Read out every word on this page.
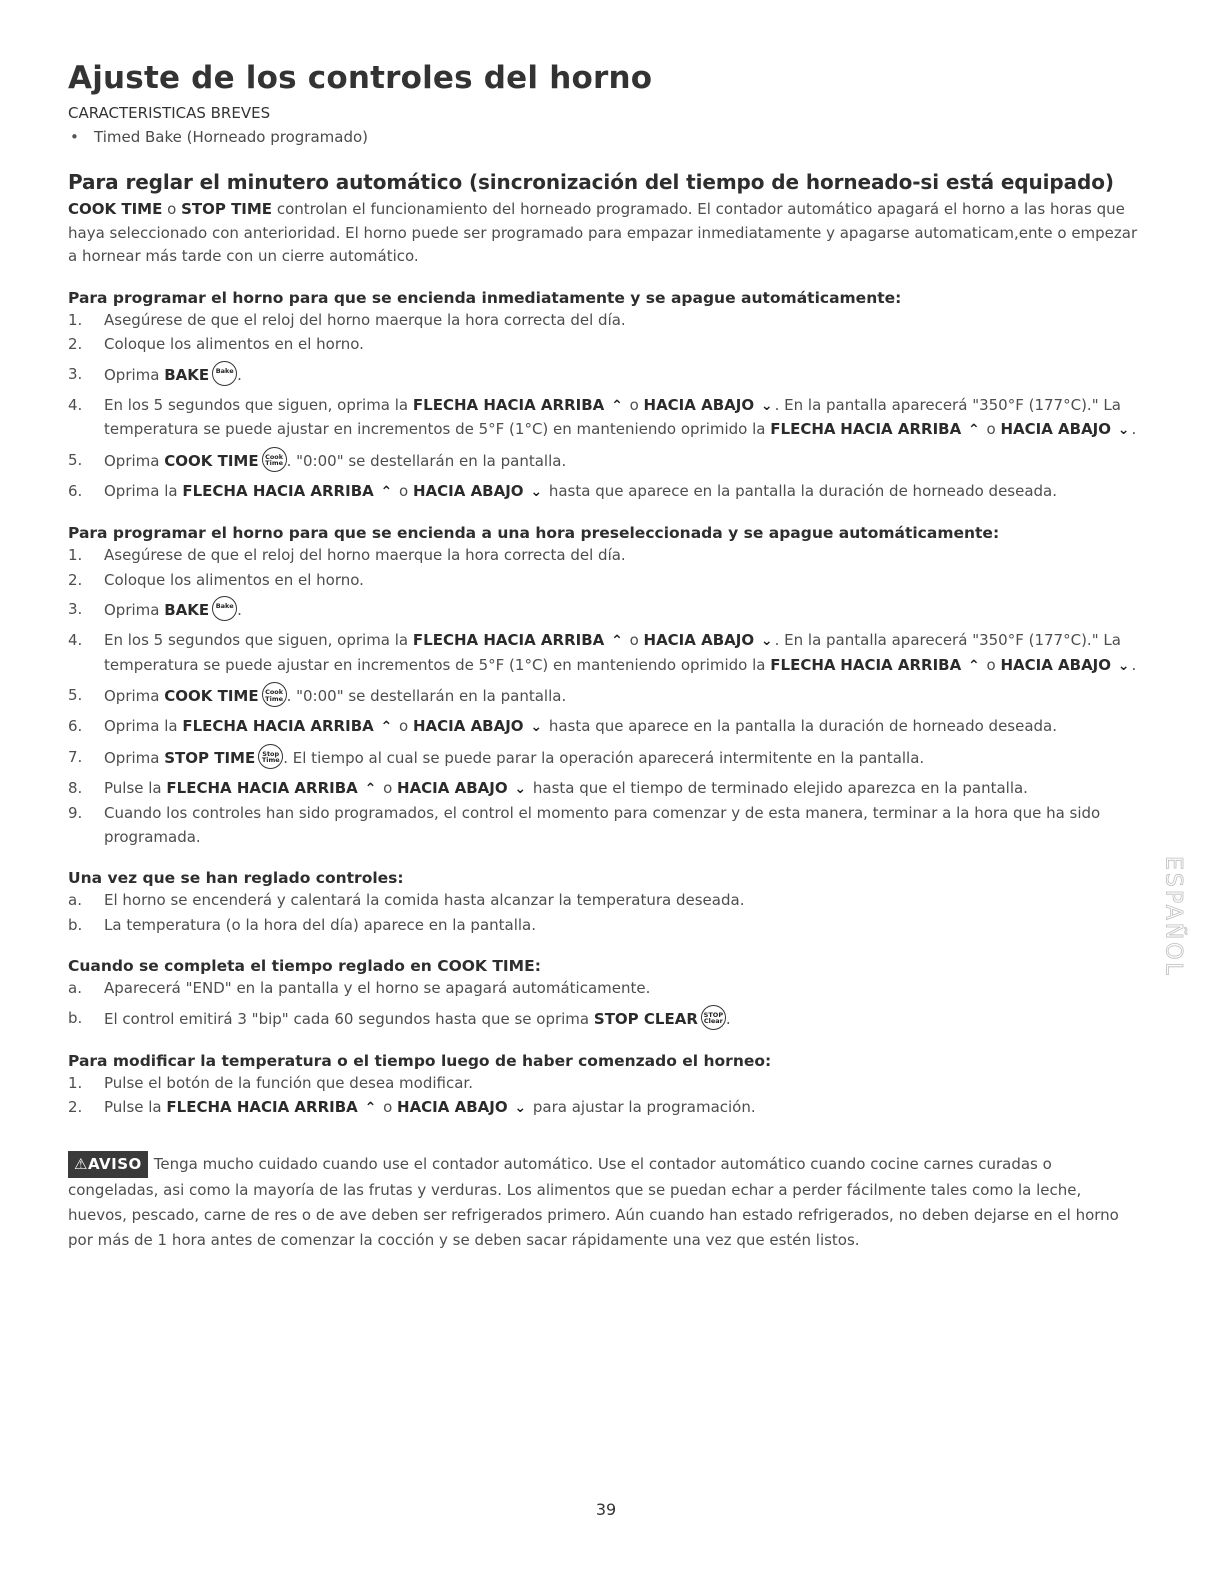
Ajuste de los controles del horno
CARACTERISTICAS BREVES
• Timed Bake (Horneado programado)
Para reglar el minutero automático (sincronización del tiempo de horneado-si está equipado)

COOK TIME o STOP TIME controlan el funcionamiento del horneado programado. El contador automático apagará el horno a las horas que haya seleccionado con anterioridad. El horno puede ser programado para empazar inmediatamente y apagarse automaticam,ente o empezar a hornear más tarde con un cierre automático.

Para programar el horno para que se encienda inmediatamente y se apague automáticamente:
1. Asegúrese de que el reloj del horno maerque la hora correcta del día.
2. Coloque los alimentos en el horno.
3. Oprima BAKE Bake .
4. En los 5 segundos que siguen, oprima la FLECHA HACIA ARRIBA ⌃ o HACIA ABAJO ⌄ . En la pantalla aparecerá "350°F (177°C)." La temperatura se puede ajustar en incrementos de 5°F (1°C) en manteniendo oprimido la FLECHA HACIA ARRIBA ⌃ o HACIA ABAJO ⌄ .
5. Oprima COOK TIME Cook Time . "0:00" se destellarán en la pantalla.
6. Oprima la FLECHA HACIA ARRIBA ⌃ o HACIA ABAJO ⌄ hasta que aparece en la pantalla la duración de horneado deseada.
Para programar el horno para que se encienda a una hora preseleccionada y se apague automáticamente:
1. Asegúrese de que el reloj del horno maerque la hora correcta del día.
2. Coloque los alimentos en el horno.
3. Oprima BAKE Bake .
4. En los 5 segundos que siguen, oprima la FLECHA HACIA ARRIBA ⌃ o HACIA ABAJO ⌄ . En la pantalla aparecerá "350°F (177°C)." La temperatura se puede ajustar en incrementos de 5°F (1°C) en manteniendo oprimido la FLECHA HACIA ARRIBA ⌃ o HACIA ABAJO ⌄ .
5. Oprima COOK TIME Cook Time . "0:00" se destellarán en la pantalla.
6. Oprima la FLECHA HACIA ARRIBA ⌃ o HACIA ABAJO ⌄ hasta que aparece en la pantalla la duración de horneado deseada.
7. Oprima STOP TIME Stop Time . El tiempo al cual se puede parar la operación aparecerá intermitente en la pantalla.
8. Pulse la FLECHA HACIA ARRIBA ⌃ o HACIA ABAJO ⌄ hasta que el tiempo de terminado elejido aparezca en la pantalla.
9. Cuando los controles han sido programados, el control el momento para comenzar y de esta manera, terminar a la hora que ha sido programada.
Una vez que se han reglado controles:
a. El horno se encenderá y calentará la comida hasta alcanzar la temperatura deseada.
b. La temperatura (o la hora del día) aparece en la pantalla.
Cuando se completa el tiempo reglado en COOK TIME:
a. Aparecerá "END" en la pantalla y el horno se apagará automáticamente.
b. El control emitirá 3 "bip" cada 60 segundos hasta que se oprima STOP CLEAR STOP Clear .
Para modificar la temperatura o el tiempo luego de haber comenzado el horneo:
1. Pulse el botón de la función que desea modificar.
2. Pulse la FLECHA HACIA ARRIBA ⌃ o HACIA ABAJO ⌄ para ajustar la programación.

⚠AVISO Tenga mucho cuidado cuando use el contador automático. Use el contador automático cuando cocine carnes curadas o congeladas, asi como la mayoría de las frutas y verduras. Los alimentos que se puedan echar a perder fácilmente tales como la leche, huevos, pescado, carne de res o de ave deben ser refrigerados primero. Aún cuando han estado refrigerados, no deben dejarse en el horno por más de 1 hora antes de comenzar la cocción y se deben sacar rápidamente una vez que estén listos.

ESPAÑOL
39
